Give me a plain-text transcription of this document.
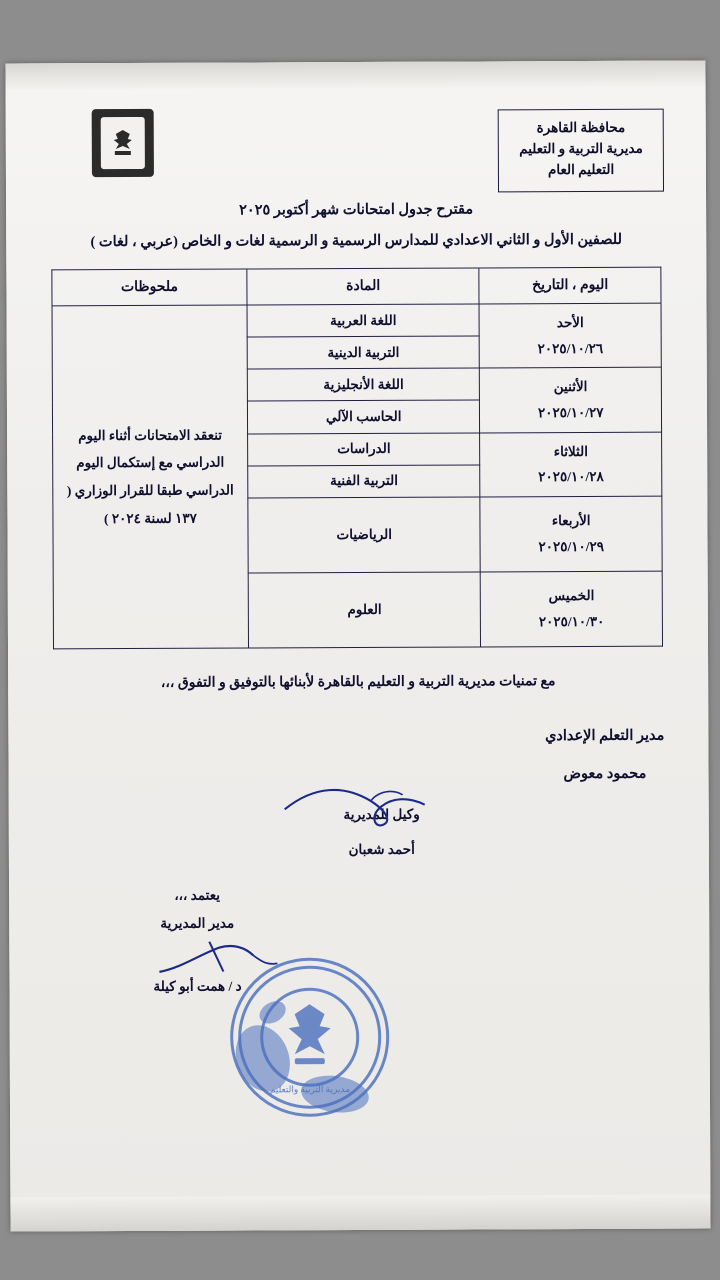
محافظة القاهرة
مديرية التربية و التعليم
التعليم العام
مقترح جدول امتحانات شهر أكتوبر ٢٠٢٥
للصفين الأول و الثاني الاعدادي للمدارس الرسمية و الرسمية لغات و الخاص (عربي ، لغات )
اليوم ، التاريخ	المادة	ملحوظات

الأحد
٢٠٢٥/١٠/٢٦	اللغة العربية	تنعقد الامتحانات أثناء اليوم الدراسي مع إستكمال اليوم الدراسي طبقا للقرار الوزاري ( ١٣٧ لسنة ٢٠٢٤ )
	التربية الدينية	

الأثنين
٢٠٢٥/١٠/٢٧	اللغة الأنجليزية	
	الحاسب الآلي	

الثلاثاء
٢٠٢٥/١٠/٢٨	الدراسات	
	التربية الفنية	

الأربعاء
٢٠٢٥/١٠/٢٩	الرياضيات	

الخميس
٢٠٢٥/١٠/٣٠	العلوم	
مع تمنيات مديرية التربية و التعليم بالقاهرة لأبنائها بالتوفيق و التفوق ،،،
مدير التعلم الإعدادي
محمود معوض
وكيل للمديرية
أحمد شعبان
يعتمد ،،،
مدير المديرية
د / همت أبو كيلة
مديرية التربية والتعليم
